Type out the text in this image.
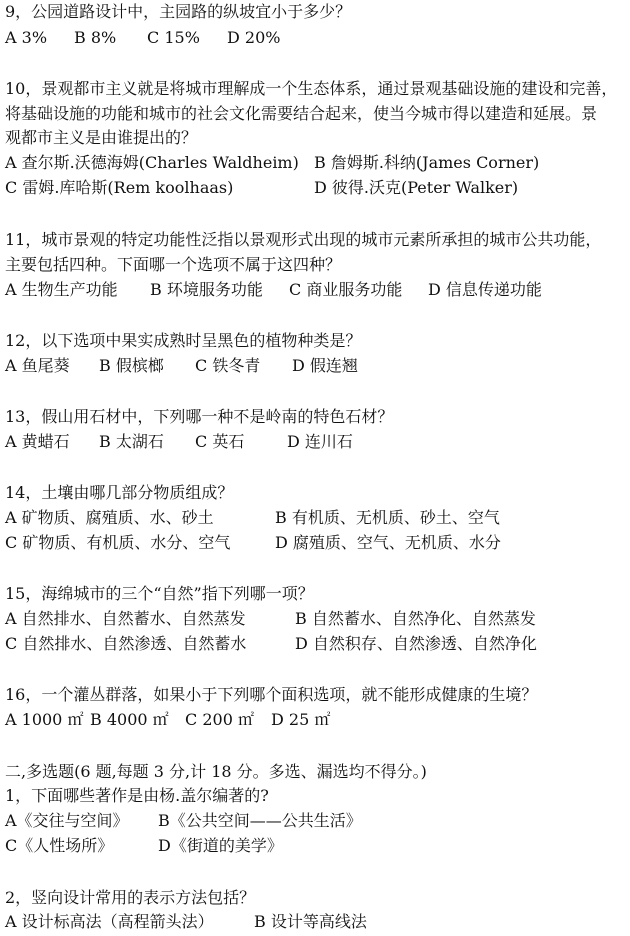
9，公园道路设计中，主园路的纵坡宜小于多少？
A 3% B 8% C 15% D 20%
10，景观都市主义就是将城市理解成一个生态体系，通过景观基础设施的建设和完善，
将基础设施的功能和城市的社会文化需要结合起来，使当今城市得以建造和延展。景
观都市主义是由谁提出的？
A 查尔斯.沃德海姆(Charles Waldheim) B 詹姆斯.科纳(James Corner)
C 雷姆.库哈斯(Rem koolhaas)	D 彼得.沃克(Peter Walker)
11，城市景观的特定功能性泛指以景观形式出现的城市元素所承担的城市公共功能，
主要包括四种。下面哪一个选项不属于这四种？
A 生物生产功能 B 环境服务功能 C 商业服务功能 D 信息传递功能
12，以下选项中果实成熟时呈黑色的植物种类是？
A 鱼尾葵 B 假槟榔 C 铁冬青 D 假连翘
13，假山用石材中，下列哪一种不是岭南的特色石材？
A 黄蜡石 B 太湖石 C 英石	D 连川石
14，土壤由哪几部分物质组成？
A 矿物质、腐殖质、水、砂土	B 有机质、无机质、砂土、空气
C 矿物质、有机质、水分、空气	D 腐殖质、空气、无机质、水分
15，海绵城市的三个“自然”指下列哪一项？
A 自然排水、自然蓄水、自然蒸发	B 自然蓄水、自然净化、自然蒸发
C 自然排水、自然渗透、自然蓄水	D 自然积存、自然渗透、自然净化
16，一个灌丛群落，如果小于下列哪个面积选项，就不能形成健康的生境？
A 1000 ㎡ B 4000 ㎡ C 200 ㎡ D 25 ㎡
二,多选题(6 题,每题 3 分,计 18 分。多选、漏选均不得分。)
1，下面哪些著作是由杨.盖尔编著的?
A《交往与空间》 B《公共空间——公共生活》
C《人性场所》	D《街道的美学》
2，竖向设计常用的表示方法包括？
A 设计标高法（高程箭头法）	B 设计等高线法
